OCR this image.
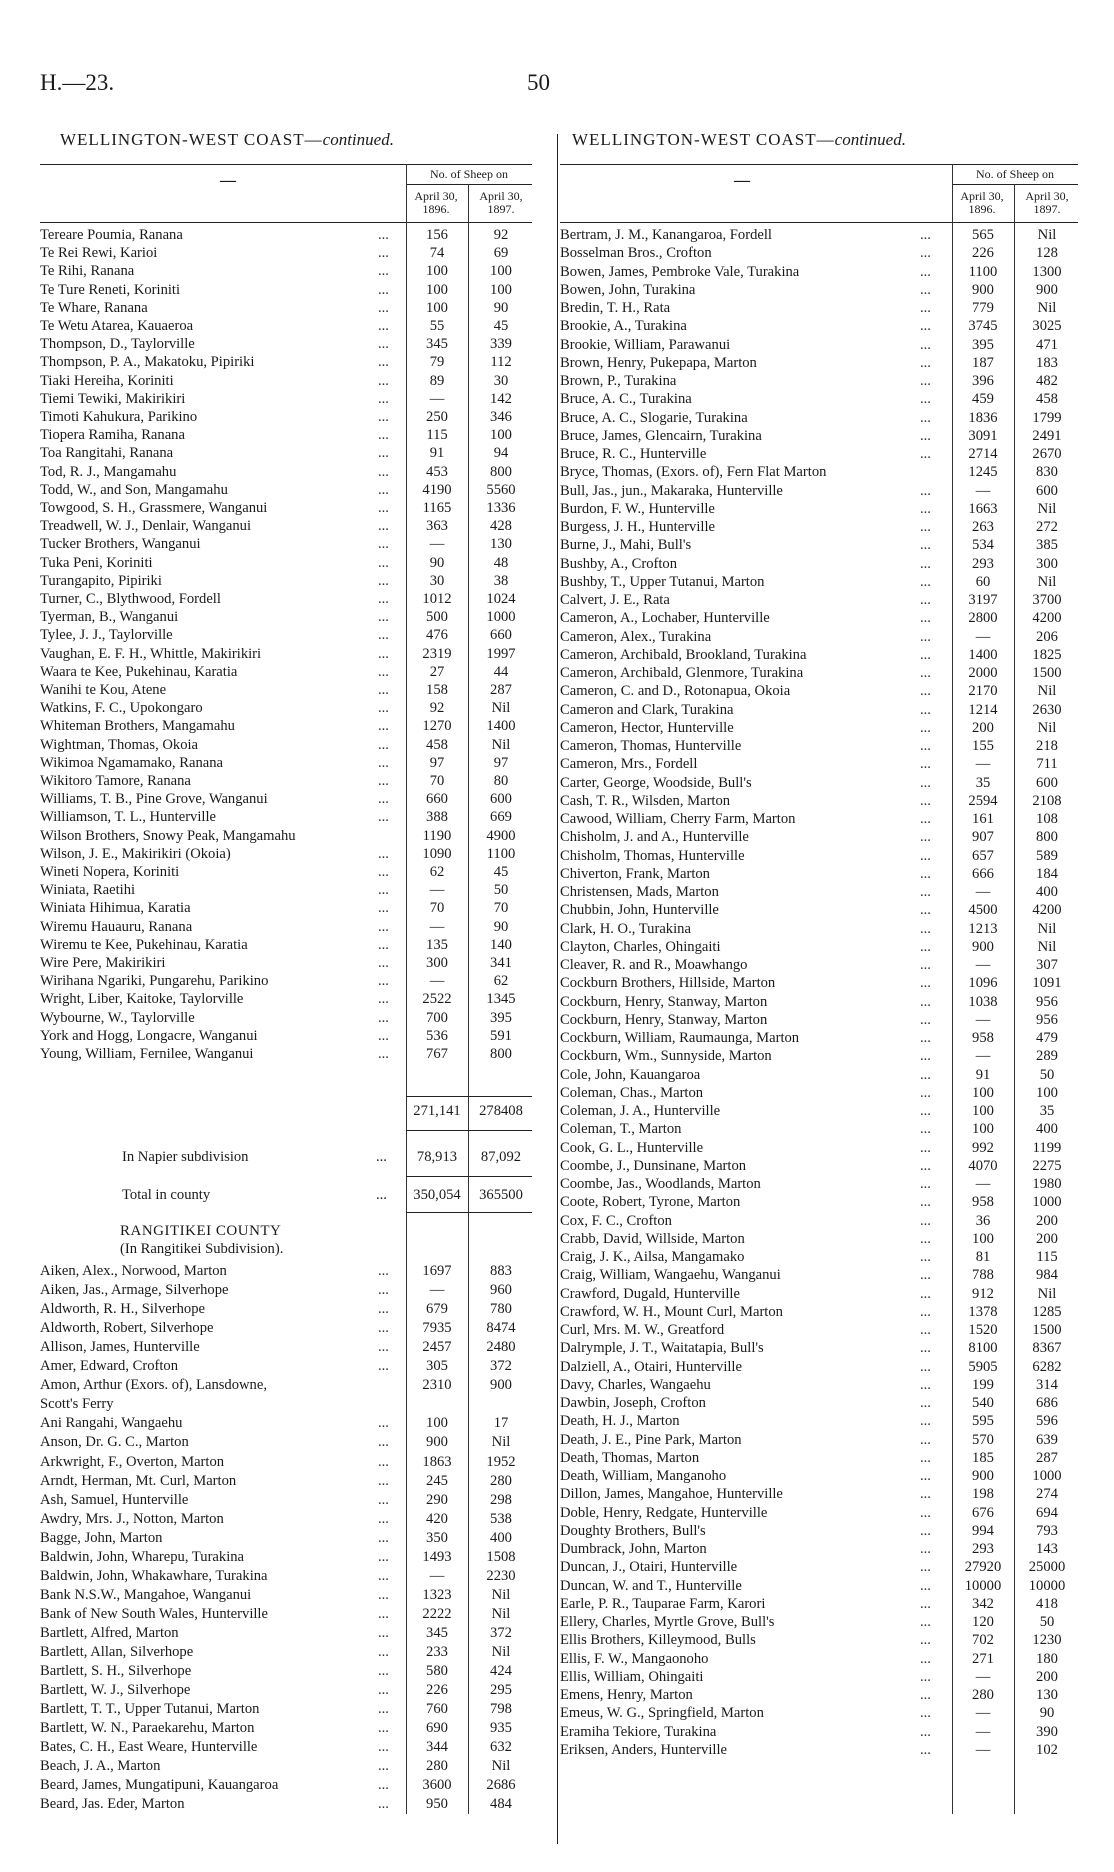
H.—23.	50
WELLINGTON-WEST COAST—continued.
—	No. of Sheep on
April 30, 1896.
April 30, 1897.
Tereare Poumia, Ranana	...	156	92
Te Rei Rewi, Karioi	...	74	69
Te Rihi, Ranana	...	100	100
Te Ture Reneti, Koriniti	...	100	100
Te Whare, Ranana	...	100	90
Te Wetu Atarea, Kauaeroa	...	55	45
Thompson, D., Taylorville	...	345	339
Thompson, P. A., Makatoku, Pipiriki	...	79	112
Tiaki Hereiha, Koriniti	...	89	30
Tiemi Tewiki, Makirikiri	...	—	142
Timoti Kahukura, Parikino	...	250	346
Tiopera Ramiha, Ranana	...	115	100
Toa Rangitahi, Ranana	...	91	94
Tod, R. J., Mangamahu	...	453	800
Todd, W., and Son, Mangamahu	...	4190	5560
Towgood, S. H., Grassmere, Wanganui	...	1165	1336
Treadwell, W. J., Denlair, Wanganui	...	363	428
Tucker Brothers, Wanganui	...	—	130
Tuka Peni, Koriniti	...	90	48
Turangapito, Pipiriki	...	30	38
Turner, C., Blythwood, Fordell	...	1012	1024
Tyerman, B., Wanganui	...	500	1000
Tylee, J. J., Taylorville	...	476	660
Vaughan, E. F. H., Whittle, Makirikiri	...	2319	1997
Waara te Kee, Pukehinau, Karatia	...	27	44
Wanihi te Kou, Atene	...	158	287
Watkins, F. C., Upokongaro	...	92	Nil
Whiteman Brothers, Mangamahu	...	1270	1400
Wightman, Thomas, Okoia	...	458	Nil
Wikimoa Ngamamako, Ranana	...	97	97
Wikitoro Tamore, Ranana	...	70	80
Williams, T. B., Pine Grove, Wanganui	...	660	600
Williamson, T. L., Hunterville	...	388	669
Wilson Brothers, Snowy Peak, Mangamahu	1190	4900
Wilson, J. E., Makirikiri (Okoia)	...	1090	1100
Wineti Nopera, Koriniti	...	62	45
Winiata, Raetihi	...	—	50
Winiata Hihimua, Karatia	...	70	70
Wiremu Hauauru, Ranana	...	—	90
Wiremu te Kee, Pukehinau, Karatia	...	135	140
Wire Pere, Makirikiri	...	300	341
Wirihana Ngariki, Pungarehu, Parikino	...	—	62
Wright, Liber, Kaitoke, Taylorville	...	2522	1345
Wybourne, W., Taylorville	...	700	395
York and Hogg, Longacre, Wanganui	...	536	591
Young, William, Fernilee, Wanganui	...	767	800
271,141	278408
In Napier subdivision	...	78,913	87,092
Total in county	...	350,054	365500
RANGITIKEI COUNTY
(In Rangitikei Subdivision).
Aiken, Alex., Norwood, Marton	...	1697	883
Aiken, Jas., Armage, Silverhope	...	—	960
Aldworth, R. H., Silverhope	...	679	780
Aldworth, Robert, Silverhope	...	7935	8474
Allison, James, Hunterville	...	2457	2480
Amer, Edward, Crofton	...	305	372
Amon, Arthur (Exors. of), Lansdowne,	2310	900
Scott's Ferry
Ani Rangahi, Wangaehu	...	100	17
Anson, Dr. G. C., Marton	...	900	Nil
Arkwright, F., Overton, Marton	...	1863	1952
Arndt, Herman, Mt. Curl, Marton	...	245	280
Ash, Samuel, Hunterville	...	290	298
Awdry, Mrs. J., Notton, Marton	...	420	538
Bagge, John, Marton	...	350	400
Baldwin, John, Wharepu, Turakina	...	1493	1508
Baldwin, John, Whakawhare, Turakina	...	—	2230
Bank N.S.W., Mangahoe, Wanganui	...	1323	Nil
Bank of New South Wales, Hunterville	...	2222	Nil
Bartlett, Alfred, Marton	...	345	372
Bartlett, Allan, Silverhope	...	233	Nil
Bartlett, S. H., Silverhope	...	580	424
Bartlett, W. J., Silverhope	...	226	295
Bartlett, T. T., Upper Tutanui, Marton	...	760	798
Bartlett, W. N., Paraekarehu, Marton	...	690	935
Bates, C. H., East Weare, Hunterville	...	344	632
Beach, J. A., Marton	...	280	Nil
Beard, James, Mungatipuni, Kauangaroa	...	3600	2686
Beard, Jas. Eder, Marton	...	950	484
WELLINGTON-WEST COAST—continued.
—	No. of Sheep on
April 30, 1896.
April 30, 1897.
Bertram, J. M., Kanangaroa, Fordell	...	565	Nil
Bosselman Bros., Crofton	...	226	128
Bowen, James, Pembroke Vale, Turakina	...	1100	1300
Bowen, John, Turakina	...	900	900
Bredin, T. H., Rata	...	779	Nil
Brookie, A., Turakina	...	3745	3025
Brookie, William, Parawanui	...	395	471
Brown, Henry, Pukepapa, Marton	...	187	183
Brown, P., Turakina	...	396	482
Bruce, A. C., Turakina	...	459	458
Bruce, A. C., Slogarie, Turakina	...	1836	1799
Bruce, James, Glencairn, Turakina	...	3091	2491
Bruce, R. C., Hunterville	...	2714	2670
Bryce, Thomas, (Exors. of), Fern Flat Marton	1245	830
Bull, Jas., jun., Makaraka, Hunterville	...	—	600
Burdon, F. W., Hunterville	...	1663	Nil
Burgess, J. H., Hunterville	...	263	272
Burne, J., Mahi, Bull's	...	534	385
Bushby, A., Crofton	...	293	300
Bushby, T., Upper Tutanui, Marton	...	60	Nil
Calvert, J. E., Rata	...	3197	3700
Cameron, A., Lochaber, Hunterville	...	2800	4200
Cameron, Alex., Turakina	...	—	206
Cameron, Archibald, Brookland, Turakina	...	1400	1825
Cameron, Archibald, Glenmore, Turakina	...	2000	1500
Cameron, C. and D., Rotonapua, Okoia	...	2170	Nil
Cameron and Clark, Turakina	...	1214	2630
Cameron, Hector, Hunterville	...	200	Nil
Cameron, Thomas, Hunterville	...	155	218
Cameron, Mrs., Fordell	...	—	711
Carter, George, Woodside, Bull's	...	35	600
Cash, T. R., Wilsden, Marton	...	2594	2108
Cawood, William, Cherry Farm, Marton	...	161	108
Chisholm, J. and A., Hunterville	...	907	800
Chisholm, Thomas, Hunterville	...	657	589
Chiverton, Frank, Marton	...	666	184
Christensen, Mads, Marton	...	—	400
Chubbin, John, Hunterville	...	4500	4200
Clark, H. O., Turakina	...	1213	Nil
Clayton, Charles, Ohingaiti	...	900	Nil
Cleaver, R. and R., Moawhango	...	—	307
Cockburn Brothers, Hillside, Marton	...	1096	1091
Cockburn, Henry, Stanway, Marton	...	1038	956
Cockburn, Henry, Stanway, Marton	...	—	956
Cockburn, William, Raumaunga, Marton	...	958	479
Cockburn, Wm., Sunnyside, Marton	...	—	289
Cole, John, Kauangaroa	...	91	50
Coleman, Chas., Marton	...	100	100
Coleman, J. A., Hunterville	...	100	35
Coleman, T., Marton	...	100	400
Cook, G. L., Hunterville	...	992	1199
Coombe, J., Dunsinane, Marton	...	4070	2275
Coombe, Jas., Woodlands, Marton	...	—	1980
Coote, Robert, Tyrone, Marton	...	958	1000
Cox, F. C., Crofton	...	36	200
Crabb, David, Willside, Marton	...	100	200
Craig, J. K., Ailsa, Mangamako	...	81	115
Craig, William, Wangaehu, Wanganui	...	788	984
Crawford, Dugald, Hunterville	...	912	Nil
Crawford, W. H., Mount Curl, Marton	...	1378	1285
Curl, Mrs. M. W., Greatford	...	1520	1500
Dalrymple, J. T., Waitatapia, Bull's	...	8100	8367
Dalziell, A., Otairi, Hunterville	...	5905	6282
Davy, Charles, Wangaehu	...	199	314
Dawbin, Joseph, Crofton	...	540	686
Death, H. J., Marton	...	595	596
Death, J. E., Pine Park, Marton	...	570	639
Death, Thomas, Marton	...	185	287
Death, William, Manganoho	...	900	1000
Dillon, James, Mangahoe, Hunterville	...	198	274
Doble, Henry, Redgate, Hunterville	...	676	694
Doughty Brothers, Bull's	...	994	793
Dumbrack, John, Marton	...	293	143
Duncan, J., Otairi, Hunterville	...	27920	25000
Duncan, W. and T., Hunterville	...	10000	10000
Earle, P. R., Tauparae Farm, Karori	...	342	418
Ellery, Charles, Myrtle Grove, Bull's	...	120	50
Ellis Brothers, Killeymood, Bulls	...	702	1230
Ellis, F. W., Mangaonoho	...	271	180
Ellis, William, Ohingaiti	...	—	200
Emens, Henry, Marton	...	280	130
Emeus, W. G., Springfield, Marton	...	—	90
Eramiha Tekiore, Turakina	...	—	390
Eriksen, Anders, Hunterville	...	—	102
